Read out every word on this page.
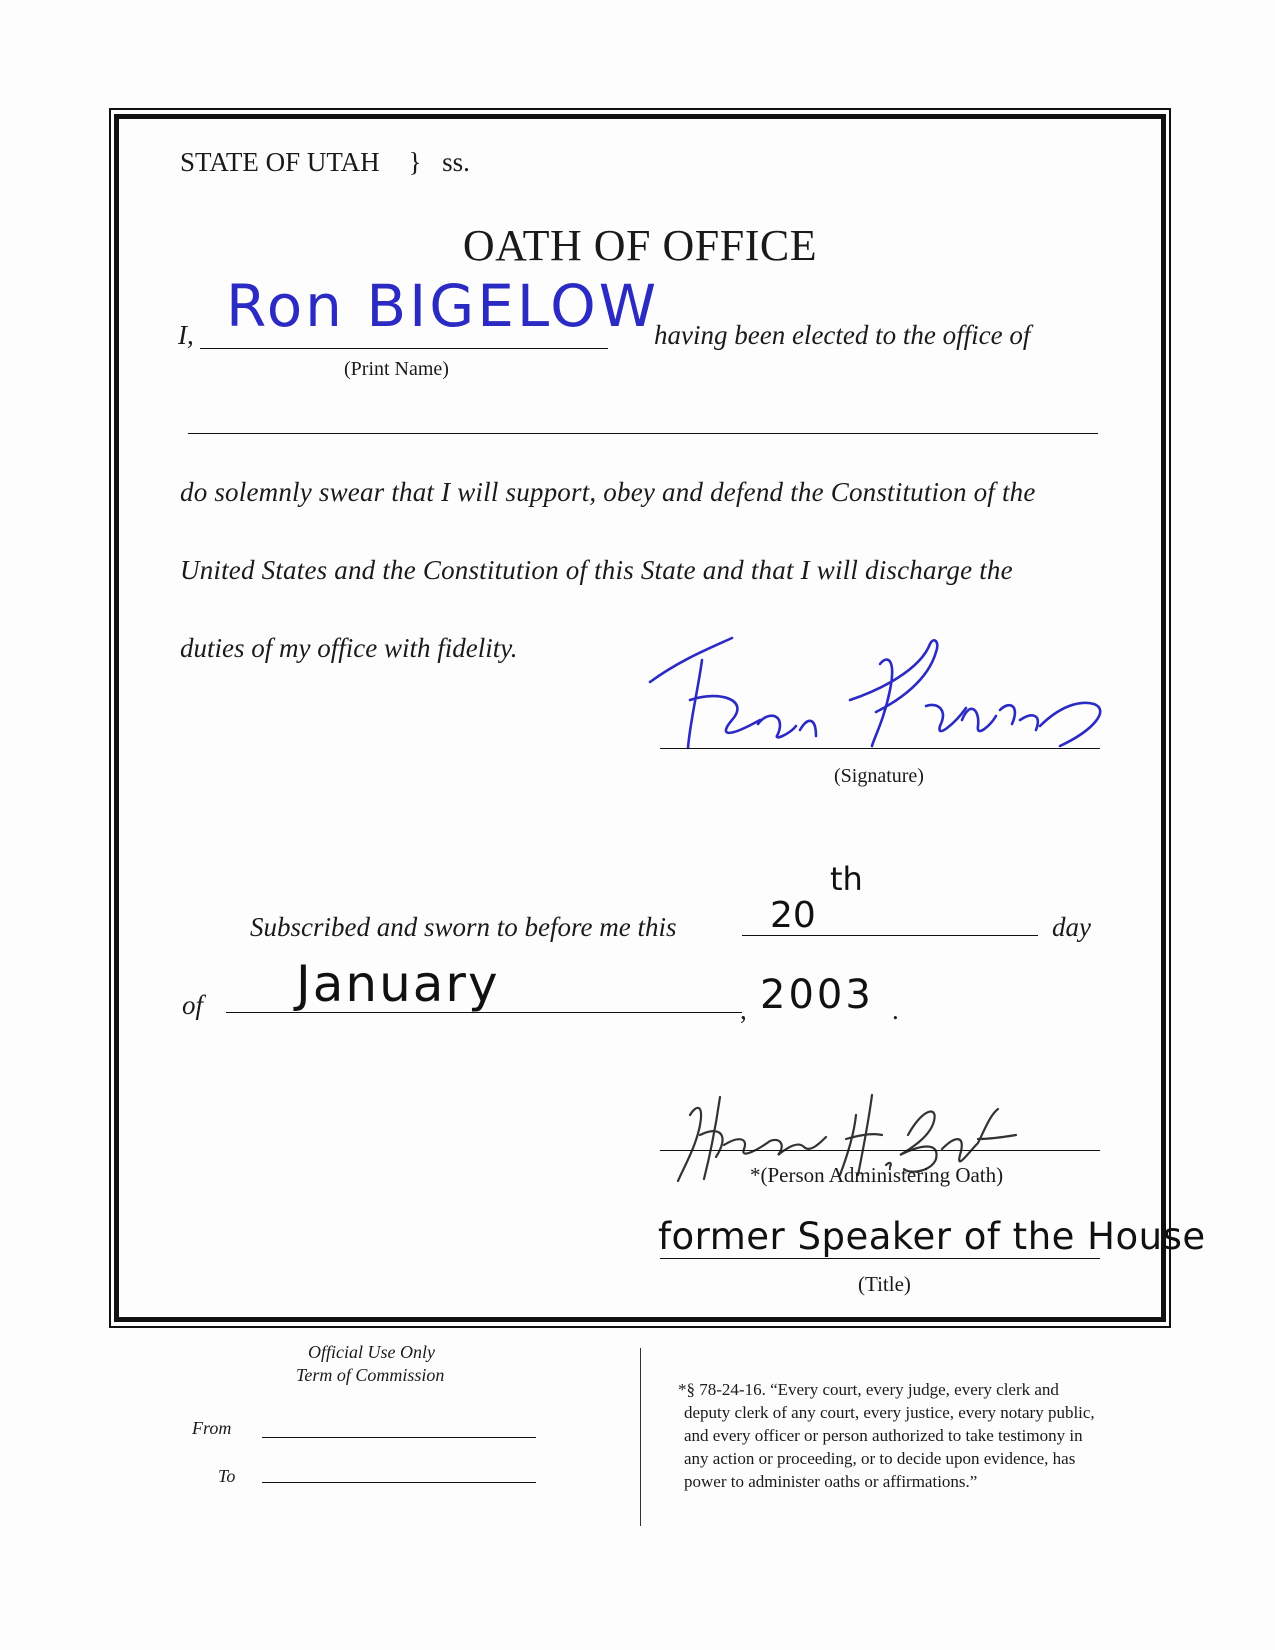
STATE OF UTAH } ss.
OATH OF OFFICE
I, Ron BIGELOW
(Print Name)
having been elected to the office of
do solemnly swear that I will support, obey and defend the Constitution of the
United States and the Constitution of this State and that I will discharge the
duties of my office with fidelity.
(Signature)
Subscribed and sworn to before me this	20
th
day
of January	, 2003 .
*(Person Administering Oath)
former Speaker of the House
(Title)
Official Use Only
Term of Commission
From
To
*§ 78-24-16. “Every court, every judge, every clerk and
deputy clerk of any court, every justice, every notary public,
and every officer or person authorized to take testimony in
any action or proceeding, or to decide upon evidence, has
power to administer oaths or affirmations.”
